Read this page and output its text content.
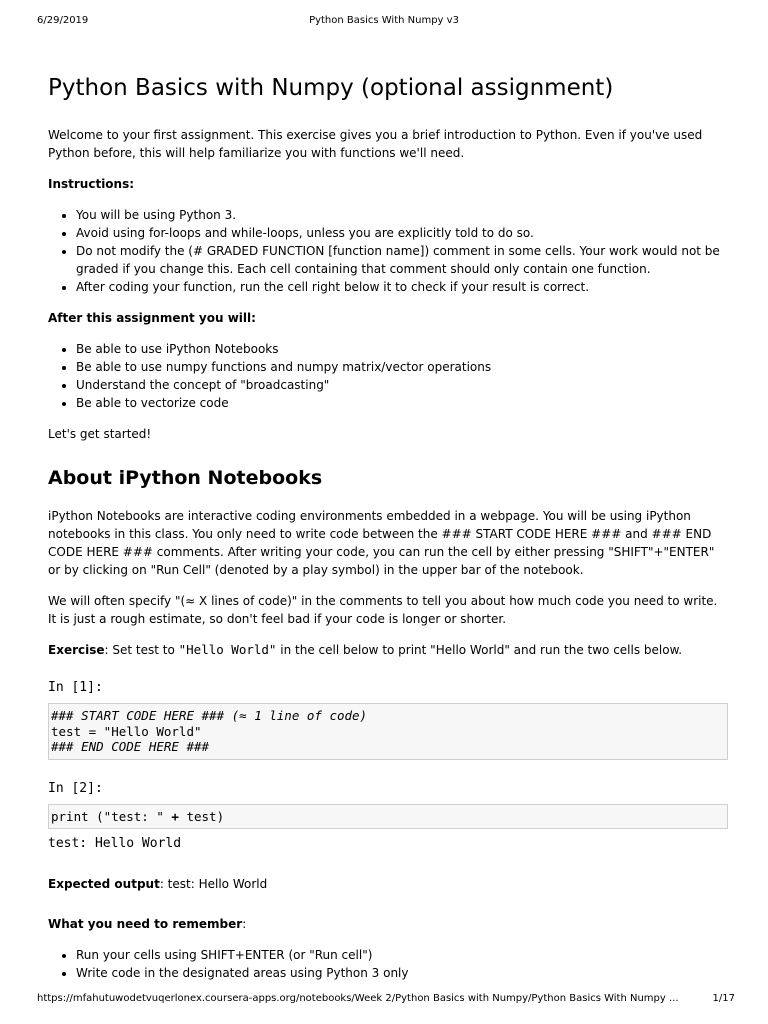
6/29/2019	Python Basics With Numpy v3
Python Basics with Numpy (optional assignment)

Welcome to your first assignment. This exercise gives you a brief introduction to Python. Even if you've used Python before, this will help familiarize you with functions we'll need.

Instructions:

• You will be using Python 3.
• Avoid using for-loops and while-loops, unless you are explicitly told to do so.
• Do not modify the (# GRADED FUNCTION [function name]) comment in some cells. Your work would not be graded if you change this. Each cell containing that comment should only contain one function.
• After coding your function, run the cell right below it to check if your result is correct.

After this assignment you will:

• Be able to use iPython Notebooks
• Be able to use numpy functions and numpy matrix/vector operations
• Understand the concept of "broadcasting"
• Be able to vectorize code

Let's get started!

About iPython Notebooks

iPython Notebooks are interactive coding environments embedded in a webpage. You will be using iPython notebooks in this class. You only need to write code between the ### START CODE HERE ### and ### END CODE HERE ### comments. After writing your code, you can run the cell by either pressing "SHIFT"+"ENTER" or by clicking on "Run Cell" (denoted by a play symbol) in the upper bar of the notebook.

We will often specify "(≈ X lines of code)" in the comments to tell you about how much code you need to write. It is just a rough estimate, so don't feel bad if your code is longer or shorter.

Exercise: Set test to "Hello World" in the cell below to print "Hello World" and run the two cells below.

In [1]:
### START CODE HERE ### (≈ 1 line of code)
test = "Hello World"
### END CODE HERE ###
In [2]:
print ("test: " + test)
test: Hello World

Expected output: test: Hello World

What you need to remember:

• Run your cells using SHIFT+ENTER (or "Run cell")
• Write code in the designated areas using Python 3 only
https://mfahutuwodetvuqerlonex.coursera-apps.org/notebooks/Week 2/Python Basics with Numpy/Python Basics With Numpy ...	1/17
